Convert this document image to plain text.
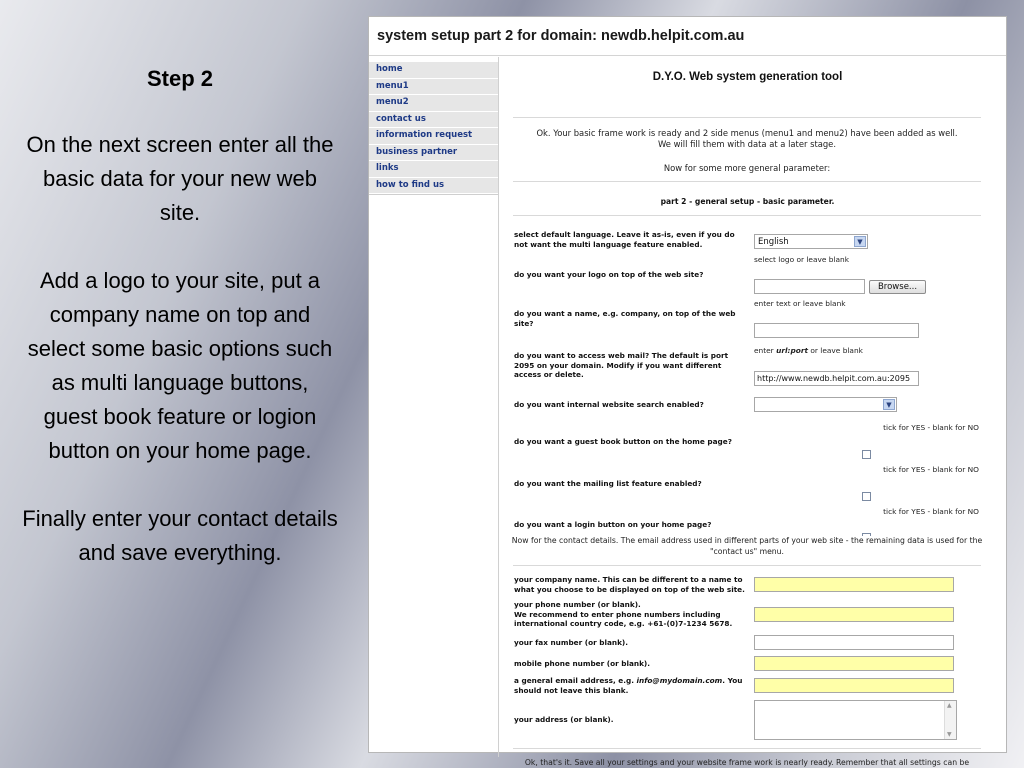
Step 2

On the next screen enter all the basic data for your new web site.

Add a logo to your site, put a company name on top and select some basic options such as multi language buttons, guest book feature or logion button on your home page.

Finally enter your contact details and save everything.

system setup part 2 for domain: newdb.helpit.com.au
home
menu1
menu2
contact us
information request
business partner
links
how to find us
D.Y.O. Web system generation tool
Ok. Your basic frame work is ready and 2 side menus (menu1 and menu2) have been added as well.
We will fill them with data at a later stage.
Now for some more general parameter:
part 2 - general setup - basic parameter.
select default language. Leave it as-is, even if you do not want the multi language feature enabled.	English	▼
select logo or leave blank
do you want your logo on top of the web site?
Browse...
enter text or leave blank
do you want a name, e.g. company, on top of the web site?
enter url:port or leave blank
do you want to access web mail? The default is port 2095 on your domain. Modify if you want different access or delete.	http://www.newdb.helpit.com.au:2095
do you want internal website search enabled?	▼
tick for YES - blank for NO
do you want a guest book button on the home page?
tick for YES - blank for NO
do you want the mailing list feature enabled?
tick for YES - blank for NO
do you want a login button on your home page?
Now for the contact details. The email address used in different parts of your web site - the remaining data is used for the "contact us" menu.
your company name. This can be different to a name to what you choose to be displayed on top of the web site.
your phone number (or blank).
We recommend to enter phone numbers including international country code, e.g. +61-(0)7-1234 5678.
your fax number (or blank).
mobile phone number (or blank).
a general email address, e.g. info@mydomain.com. You should not leave this blank.
your address (or blank).
▲
▼
Ok, that's it. Save all your settings and your website frame work is nearly ready. Remember that all settings can be
